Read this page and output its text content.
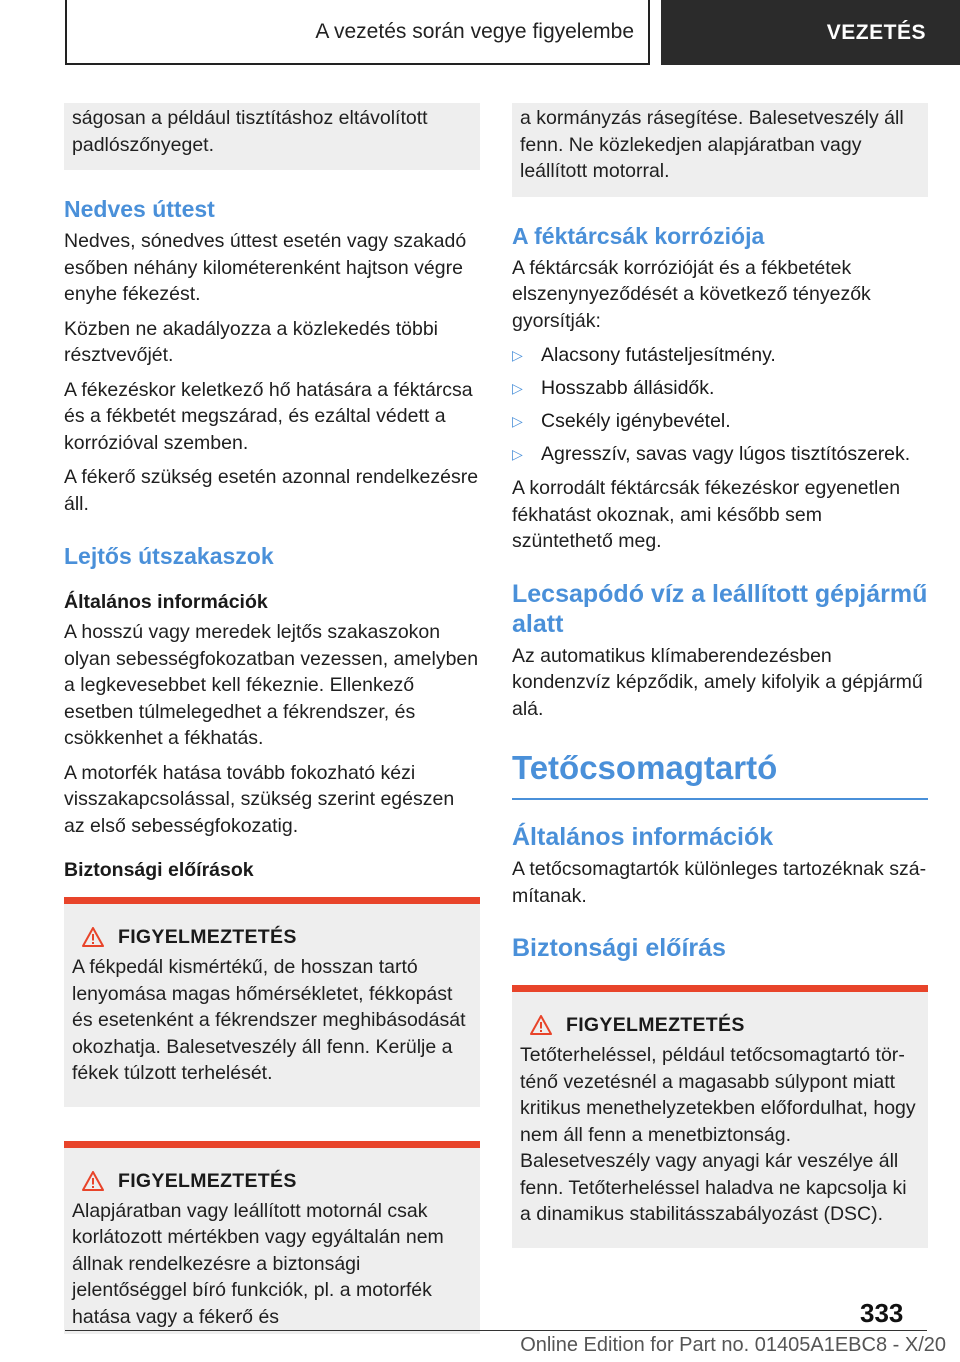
A vezetés során vegye figyelembe	VEZETÉS

ságosan a például tisztításhoz eltávolított padlószőnyeget.

Nedves úttest

Nedves, sónedves úttest esetén vagy szakadó esőben néhány kilométerenként hajtson végre enyhe fékezést.

Közben ne akadályozza a közlekedés többi résztvevőjét.

A fékezéskor keletkező hő hatására a féktárcsa és a fékbetét megszárad, és ezáltal védett a korrózióval szemben.

A fékerő szükség esetén azonnal rendelkezésre áll.

Lejtős útszakaszok
Általános információk

A hosszú vagy meredek lejtős szakaszokon olyan sebességfokozatban vezessen, amelyben a legkevesebbet kell fékeznie. Ellenkező esetben túlmelegedhet a fékrendszer, és csökkenhet a fékhatás.

A motorfék hatása tovább fokozható kézi visszakapcsolással, szükség szerint egészen az első sebességfokozatig.

Biztonsági előírások
FIGYELMEZTETÉS

A fékpedál kismértékű, de hosszan tartó lenyomása magas hőmérsékletet, fékkopást és esetenként a fékrendszer meghibásodását okozhatja. Balesetveszély áll fenn. Kerülje a fékek túlzott terhelését.

FIGYELMEZTETÉS

Alapjáratban vagy leállított motornál csak korlátozott mértékben vagy egyáltalán nem állnak rendelkezésre a biztonsági jelentőséggel bíró funkciók, pl. a motorfék hatása vagy a fékerő és

a kormányzás rásegítése. Balesetveszély áll fenn. Ne közlekedjen alapjáratban vagy leállított motorral.

A féktárcsák korróziója

A féktárcsák korrózióját és a fékbetétek elszenynyeződését a következő tényezők gyorsítják:

▷ Alacsony futásteljesítmény.
▷ Hosszabb állásidők.
▷ Csekély igénybevétel.
▷ Agresszív, savas vagy lúgos tisztítószerek.

A korrodált féktárcsák fékezéskor egyenetlen fékhatást okoznak, ami később sem szüntethető meg.

Lecsapódó víz a leállított gépjármű alatt

Az automatikus klímaberendezésben kondenzvíz képződik, amely kifolyik a gépjármű alá.

Tetőcsomagtartó
Általános információk

A tetőcsomagtartók különleges tartozéknak számítanak.

Biztonsági előírás
FIGYELMEZTETÉS

Tetőterheléssel, például tetőcsomagtartó történő vezetésnél a magasabb súlypont miatt kritikus menethelyzetekben előfordulhat, hogy nem áll fenn a menetbiztonság. Balesetveszély vagy anyagi kár veszélye áll fenn. Tetőterheléssel haladva ne kapcsolja ki a dinamikus stabilitásszabályozást (DSC).

333
Online Edition for Part no. 01405A1EBC8 - X/20
